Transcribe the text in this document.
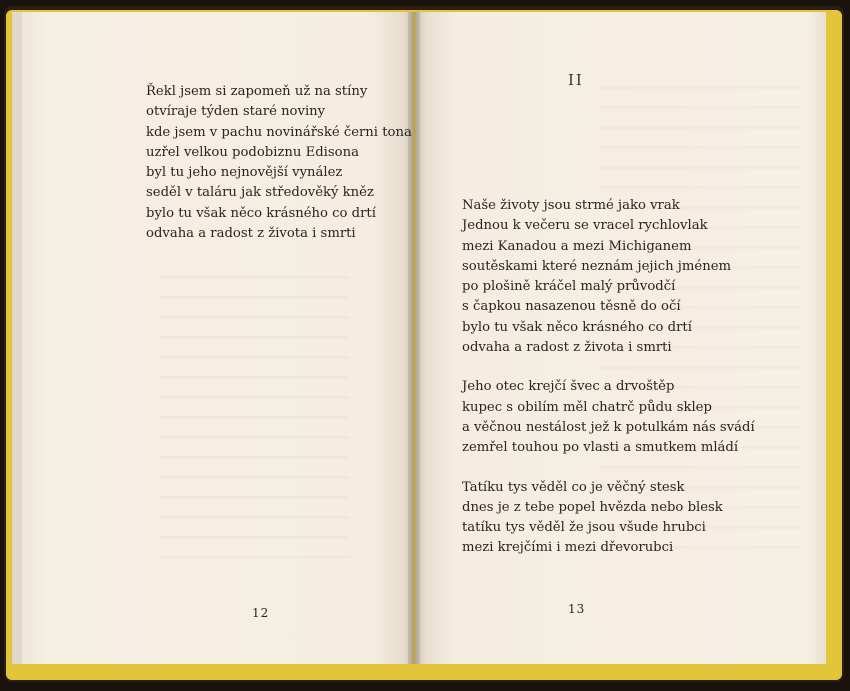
Řekl jsem si zapomeň už na stíny
otvíraje týden staré noviny
kde jsem v pachu novinářské černi tona
uzřel velkou podobiznu Edisona
byl tu jeho nejnovější vynález
seděl v taláru jak středověký kněz
bylo tu však něco krásného co drtí
odvaha a radost z života i smrti
12
II
Naše životy jsou strmé jako vrak
Jednou k večeru se vracel rychlovlak
mezi Kanadou a mezi Michiganem
soutěskami které neznám jejich jménem
po plošině kráčel malý průvodčí
s čapkou nasazenou těsně do očí
bylo tu však něco krásného co drtí
odvaha a radost z života i smrti
Jeho otec krejčí švec a drvoštěp
kupec s obilím měl chatrč půdu sklep
a věčnou nestálost jež k potulkám nás svádí
zemřel touhou po vlasti a smutkem mládí
Tatíku tys věděl co je věčný stesk
dnes je z tebe popel hvězda nebo blesk
tatíku tys věděl že jsou všude hrubci
mezi krejčími i mezi dřevorubci
13
